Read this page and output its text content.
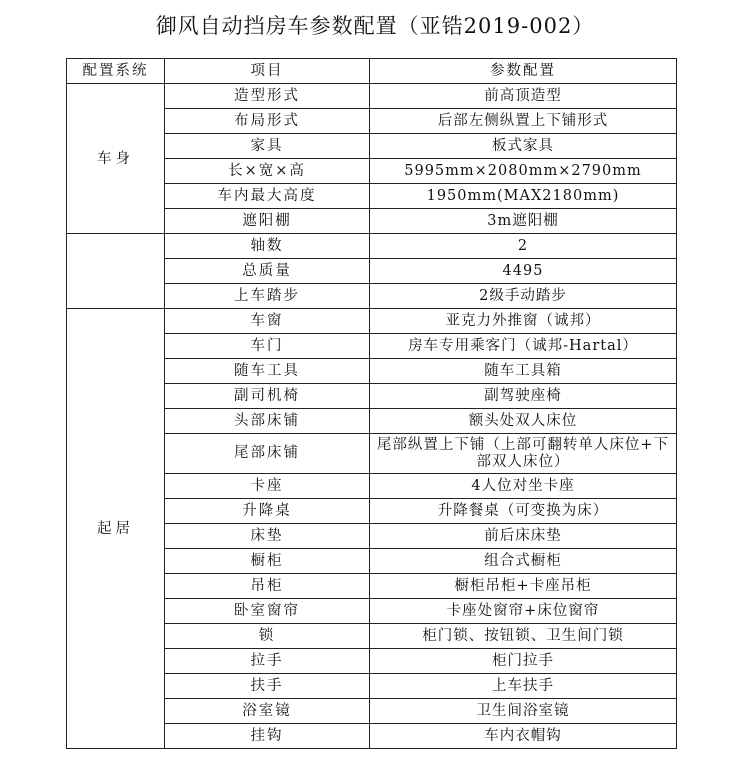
御风自动挡房车参数配置（亚锆2019-002）
配置系统	项目	参数配置
车身	造型形式	前高顶造型
	布局形式	后部左侧纵置上下铺形式
	家具	板式家具
	长×宽×高	5995mm×2080mm×2790mm
	车内最大高度	1950mm(MAX2180mm)
	遮阳棚	3m遮阳棚
	轴数	2
	总质量	4495
	上车踏步	2级手动踏步
起居	车窗	亚克力外推窗（诚邦）
	车门	房车专用乘客门（诚邦-Hartal）
	随车工具	随车工具箱
	副司机椅	副驾驶座椅
	头部床铺	额头处双人床位
	尾部床铺	尾部纵置上下铺（上部可翻转单人床位+下部双人床位）
	卡座	4人位对坐卡座
	升降桌	升降餐桌（可变换为床）
	床垫	前后床床垫
	橱柜	组合式橱柜
	吊柜	橱柜吊柜+卡座吊柜
	卧室窗帘	卡座处窗帘+床位窗帘
	锁	柜门锁、按钮锁、卫生间门锁
	拉手	柜门拉手
	扶手	上车扶手
	浴室镜	卫生间浴室镜
	挂钩	车内衣帽钩
